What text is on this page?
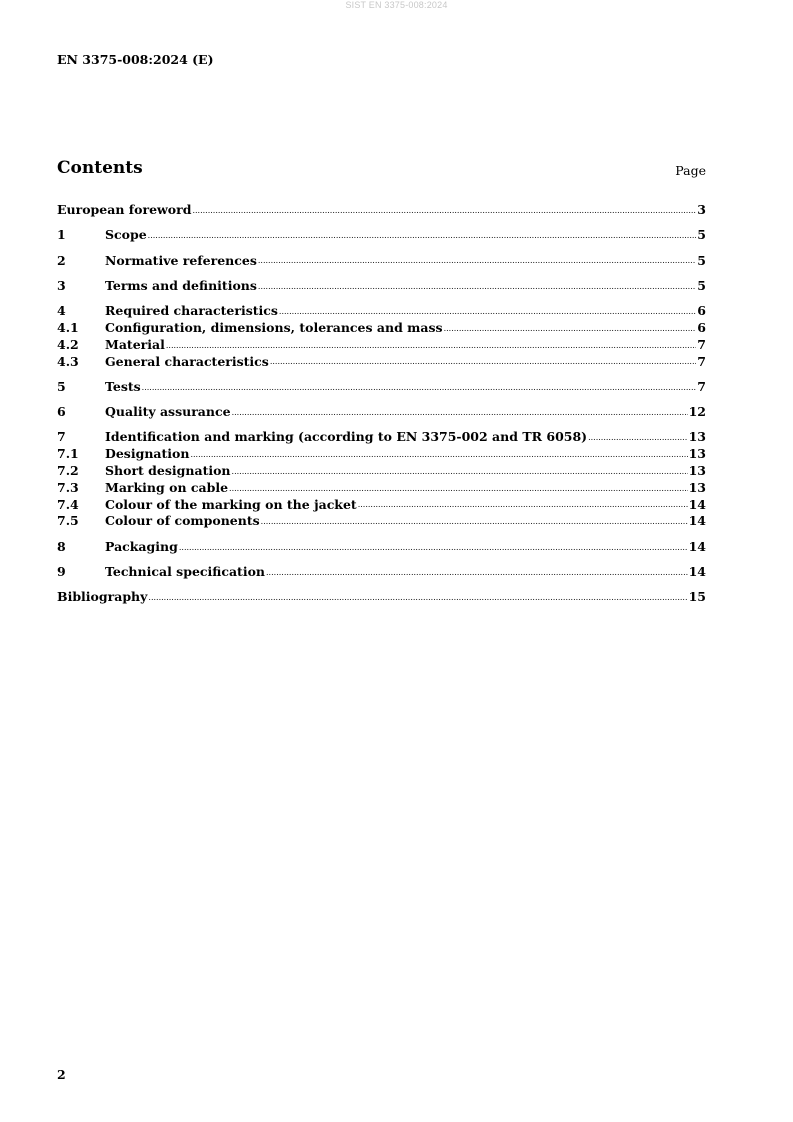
SIST EN 3375-008:2024
EN 3375-008:2024 (E)
Contents	Page
European foreword .....	3
1	Scope .....	5
2	Normative references .....	5
3	Terms and definitions .....	5
4	Required characteristics .....	6
4.1	Configuration, dimensions, tolerances and mass .....	6
4.2	Material .....	7
4.3	General characteristics .....	7
5	Tests .....	7
6	Quality assurance .....	12
7	Identification and marking (according to EN 3375-002 and TR 6058) .....	13
7.1	Designation .....	13
7.2	Short designation .....	13
7.3	Marking on cable .....	13
7.4	Colour of the marking on the jacket .....	14
7.5	Colour of components .....	14
8	Packaging .....	14
9	Technical specification .....	14
Bibliography .....	15
2
